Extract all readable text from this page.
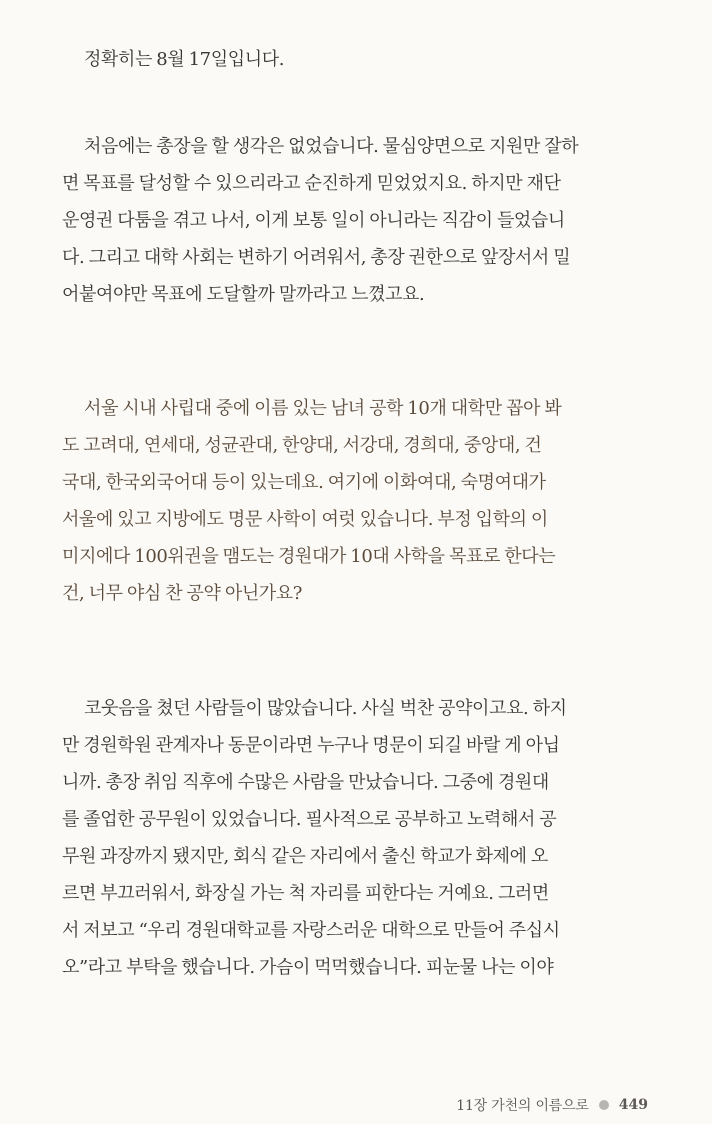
정확히는 8월 17일입니다.

처음에는 총장을 할 생각은 없었습니다. 물심양면으로 지원만 잘하
면 목표를 달성할 수 있으리라고 순진하게 믿었었지요. 하지만 재단
운영권 다툼을 겪고 나서, 이게 보통 일이 아니라는 직감이 들었습니
다. 그리고 대학 사회는 변하기 어려워서, 총장 권한으로 앞장서서 밀
어붙여야만 목표에 도달할까 말까라고 느꼈고요.

서울 시내 사립대 중에 이름 있는 남녀 공학 10개 대학만 꼽아 봐
도 고려대, 연세대, 성균관대, 한양대, 서강대, 경희대, 중앙대, 건
국대, 한국외국어대 등이 있는데요. 여기에 이화여대, 숙명여대가
서울에 있고 지방에도 명문 사학이 여럿 있습니다. 부정 입학의 이
미지에다 100위권을 맴도는 경원대가 10대 사학을 목표로 한다는
건, 너무 야심 찬 공약 아닌가요?

코웃음을 쳤던 사람들이 많았습니다. 사실 벅찬 공약이고요. 하지
만 경원학원 관계자나 동문이라면 누구나 명문이 되길 바랄 게 아닙
니까. 총장 취임 직후에 수많은 사람을 만났습니다. 그중에 경원대
를 졸업한 공무원이 있었습니다. 필사적으로 공부하고 노력해서 공
무원 과장까지 됐지만, 회식 같은 자리에서 출신 학교가 화제에 오
르면 부끄러워서, 화장실 가는 척 자리를 피한다는 거예요. 그러면
서 저보고 “우리 경원대학교를 자랑스러운 대학으로 만들어 주십시
오”라고 부탁을 했습니다. 가슴이 먹먹했습니다. 피눈물 나는 이야

11장 가천의 이름으로 449
